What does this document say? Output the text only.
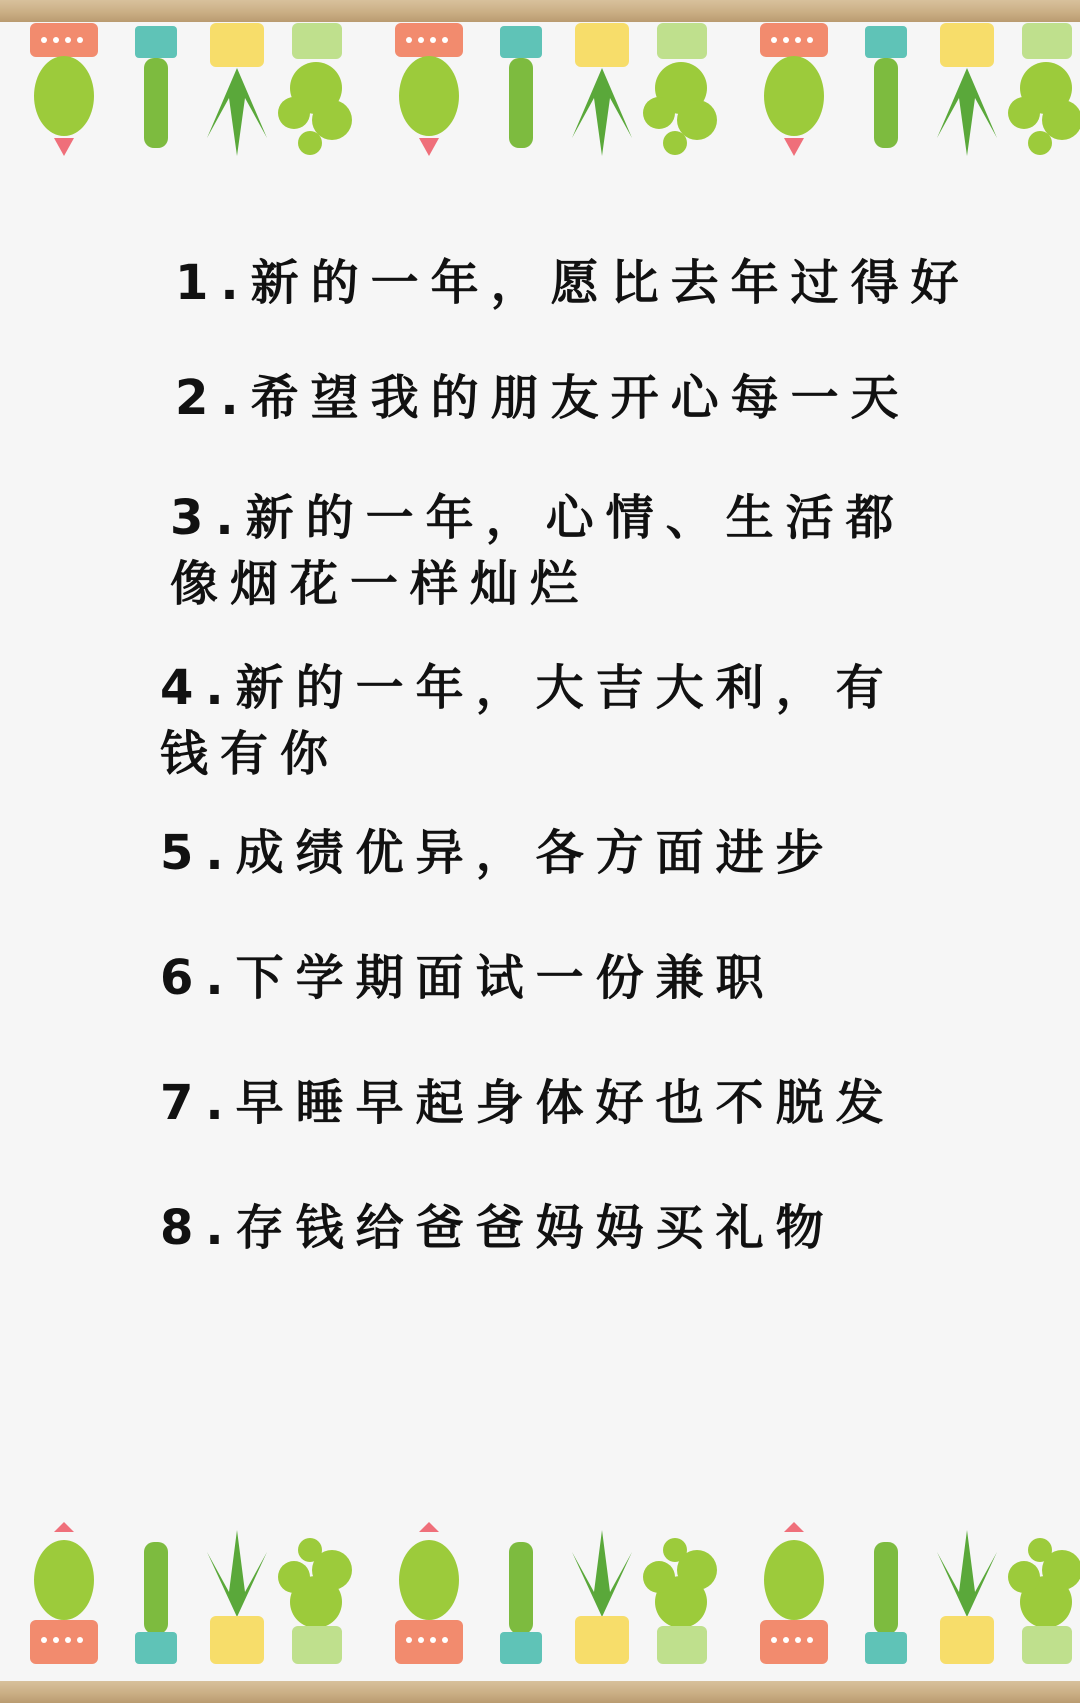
1.新的一年，愿比去年过得好
2.希望我的朋友开心每一天
3.新的一年，心情、生活都像烟花一样灿烂
4.新的一年，大吉大利，有钱有你
5.成绩优异，各方面进步
6.下学期面试一份兼职
7.早睡早起身体好也不脱发
8.存钱给爸爸妈妈买礼物
